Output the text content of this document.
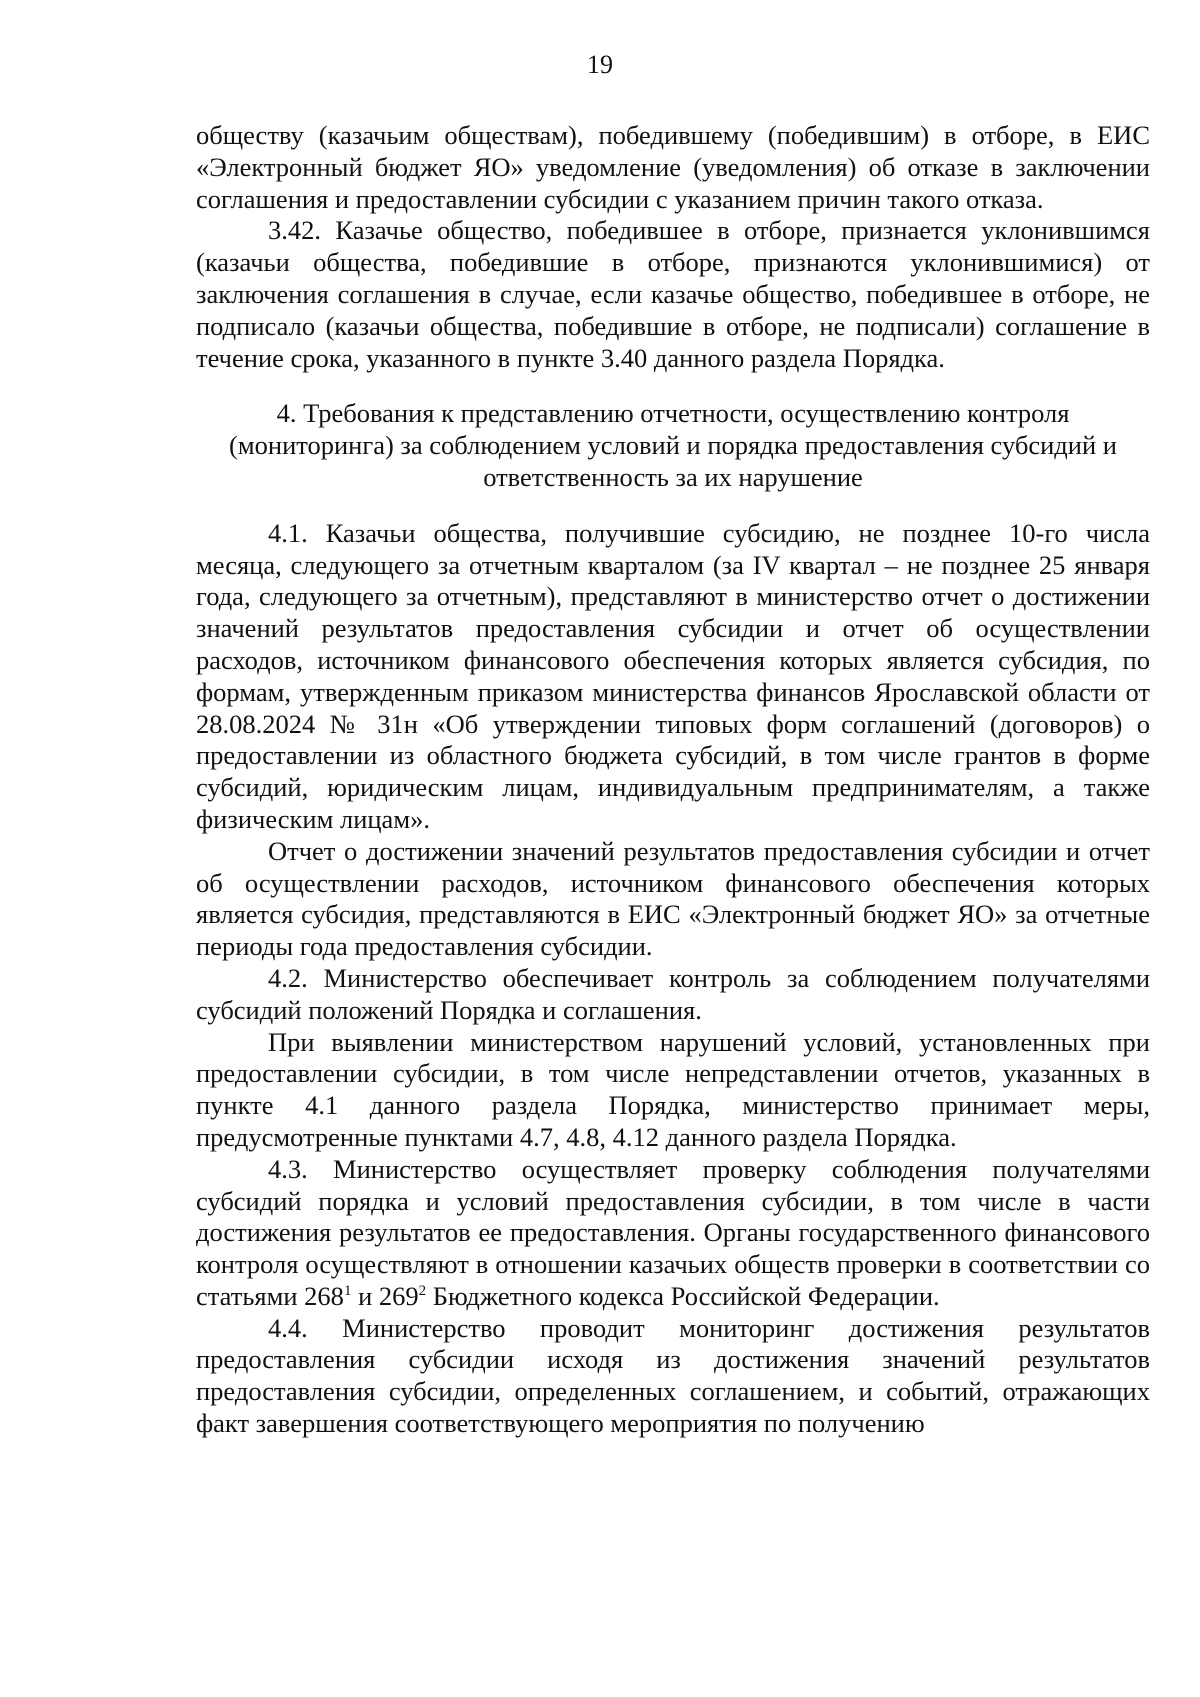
19

обществу (казачьим обществам), победившему (победившим) в отборе, в ЕИС «Электронный бюджет ЯО» уведомление (уведомления) об отказе в заключении соглашения и предоставлении субсидии с указанием причин такого отказа.

3.42. Казачье общество, победившее в отборе, признается уклонившимся (казачьи общества, победившие в отборе, признаются уклонившимися) от заключения соглашения в случае, если казачье общество, победившее в отборе, не подписало (казачьи общества, победившие в отборе, не подписали) соглашение в течение срока, указанного в пункте 3.40 данного раздела Порядка.

4. Требования к представлению отчетности, осуществлению контроля (мониторинга) за соблюдением условий и порядка предоставления субсидий и ответственность за их нарушение

4.1. Казачьи общества, получившие субсидию, не позднее 10-го числа месяца, следующего за отчетным кварталом (за IV квартал – не позднее 25 января года, следующего за отчетным), представляют в министерство отчет о достижении значений результатов предоставления субсидии и отчет об осуществлении расходов, источником финансового обеспечения которых является субсидия, по формам, утвержденным приказом министерства финансов Ярославской области от 28.08.2024 № 31н «Об утверждении типовых форм соглашений (договоров) о предоставлении из областного бюджета субсидий, в том числе грантов в форме субсидий, юридическим лицам, индивидуальным предпринимателям, а также физическим лицам».

Отчет о достижении значений результатов предоставления субсидии и отчет об осуществлении расходов, источником финансового обеспечения которых является субсидия, представляются в ЕИС «Электронный бюджет ЯО» за отчетные периоды года предоставления субсидии.

4.2. Министерство обеспечивает контроль за соблюдением получателями субсидий положений Порядка и соглашения.

При выявлении министерством нарушений условий, установленных при предоставлении субсидии, в том числе непредставлении отчетов, указанных в пункте 4.1 данного раздела Порядка, министерство принимает меры, предусмотренные пунктами 4.7, 4.8, 4.12 данного раздела Порядка.

4.3. Министерство осуществляет проверку соблюдения получателями субсидий порядка и условий предоставления субсидии, в том числе в части достижения результатов ее предоставления. Органы государственного финансового контроля осуществляют в отношении казачьих обществ проверки в соответствии со статьями $268^1$ и $269^2$ Бюджетного кодекса Российской Федерации.

4.4. Министерство проводит мониторинг достижения результатов предоставления субсидии исходя из достижения значений результатов предоставления субсидии, определенных соглашением, и событий, отражающих факт завершения соответствующего мероприятия по получению
